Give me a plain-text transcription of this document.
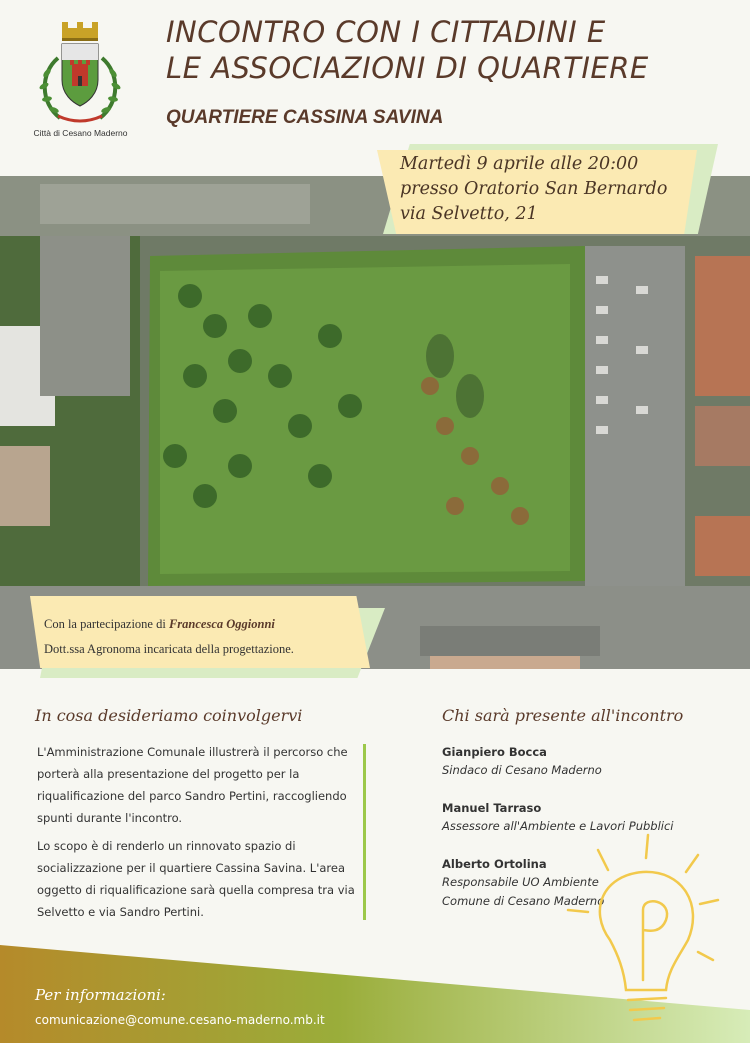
Città di Cesano Maderno
INCONTRO CON I CITTADINI E
LE ASSOCIAZIONI DI QUARTIERE
QUARTIERE CASSINA SAVINA
Martedì 9 aprile alle 20:00
presso Oratorio San Bernardo
via Selvetto, 21
Con la partecipazione di Francesca Oggionni
Dott.ssa Agronoma incaricata della progettazione.
In cosa desideriamo coinvolgervi

L'Amministrazione Comunale illustrerà il percorso che porterà alla presentazione del progetto per la riqualificazione del parco Sandro Pertini, raccogliendo spunti durante l'incontro.

Lo scopo è di renderlo un rinnovato spazio di socializzazione per il quartiere Cassina Savina. L'area oggetto di riqualificazione sarà quella compresa tra via Selvetto e via Sandro Pertini.

Chi sarà presente all'incontro
Gianpiero Bocca
Sindaco di Cesano Maderno
Manuel Tarraso
Assessore all'Ambiente e Lavori Pubblici
Alberto Ortolina
Responsabile UO Ambiente
Comune di Cesano Maderno
Per informazioni:
comunicazione@comune.cesano-maderno.mb.it
